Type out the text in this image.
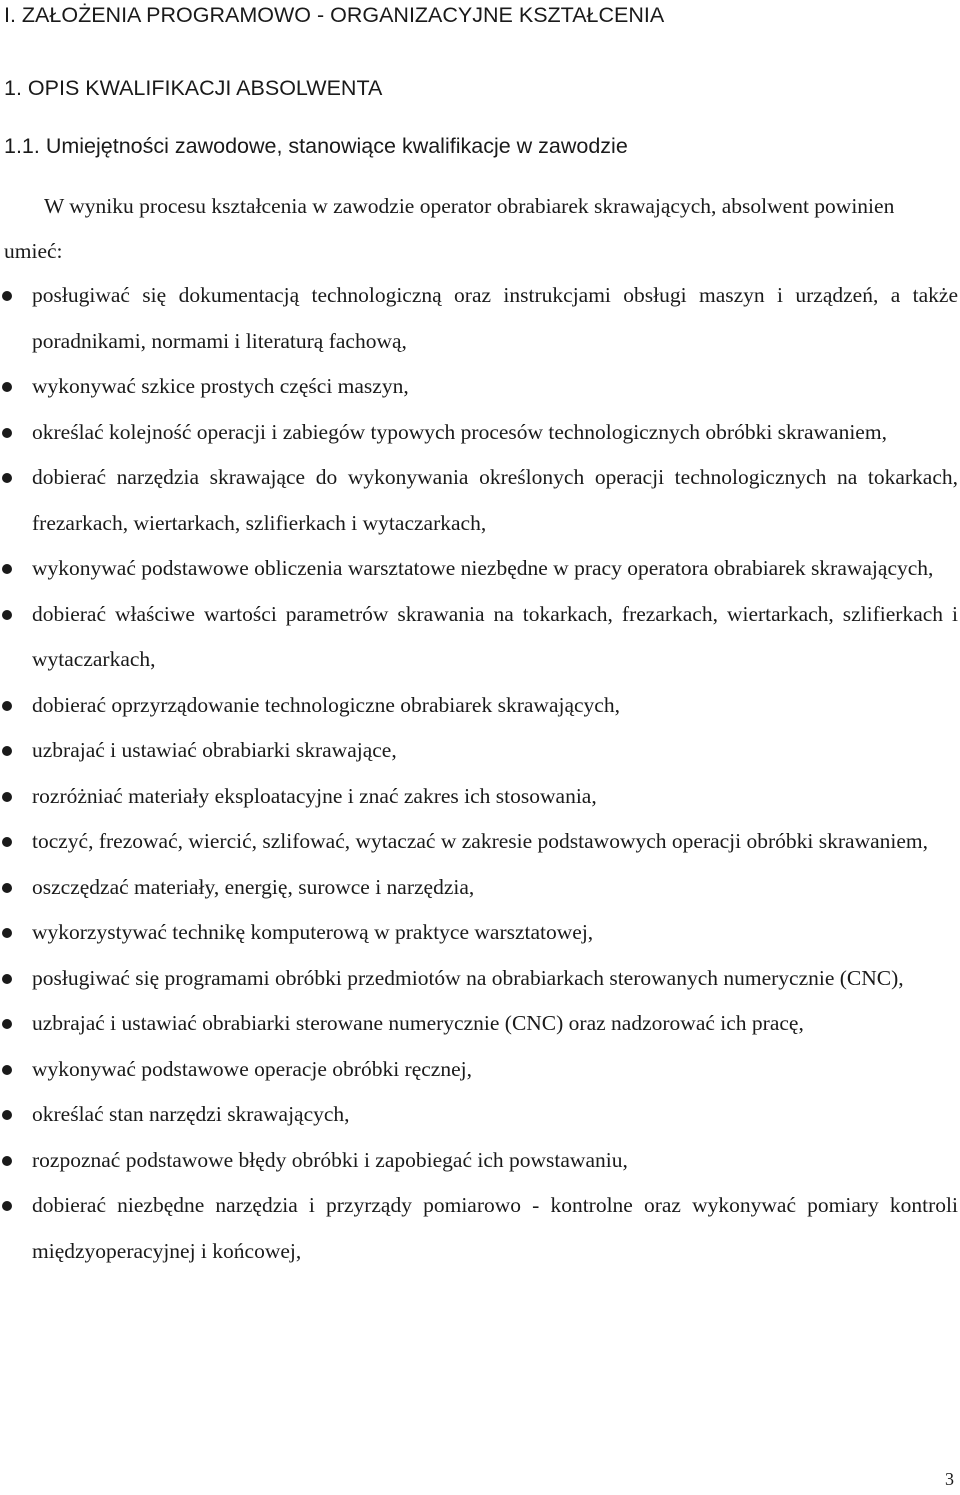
I. ZAŁOŻENIA PROGRAMOWO - ORGANIZACYJNE KSZTAŁCENIA
1. OPIS KWALIFIKACJI ABSOLWENTA
1.1. Umiejętności zawodowe, stanowiące kwalifikacje w zawodzie

W wyniku procesu kształcenia w zawodzie operator obrabiarek skrawających, absolwent powinien umieć:

posługiwać się dokumentacją technologiczną oraz instrukcjami obsługi maszyn i urządzeń, a także poradnikami, normami i literaturą fachową,
wykonywać szkice prostych części maszyn,
określać kolejność operacji i zabiegów typowych procesów technologicznych obróbki skrawaniem,
dobierać narzędzia skrawające do wykonywania określonych operacji technologicznych na tokarkach, frezarkach, wiertarkach, szlifierkach i wytaczarkach,
wykonywać podstawowe obliczenia warsztatowe niezbędne w pracy operatora obrabiarek skrawających,
dobierać właściwe wartości parametrów skrawania na tokarkach, frezarkach, wiertarkach, szlifierkach i wytaczarkach,
dobierać oprzyrządowanie technologiczne obrabiarek skrawających,
uzbrajać i ustawiać obrabiarki skrawające,
rozróżniać materiały eksploatacyjne i znać zakres ich stosowania,
toczyć, frezować, wiercić, szlifować, wytaczać w zakresie podstawowych operacji obróbki skrawaniem,
oszczędzać materiały, energię, surowce i narzędzia,
wykorzystywać technikę komputerową w praktyce warsztatowej,
posługiwać się programami obróbki przedmiotów na obrabiarkach sterowanych numerycznie (CNC),
uzbrajać i ustawiać obrabiarki sterowane numerycznie (CNC) oraz nadzorować ich pracę,
wykonywać podstawowe operacje obróbki ręcznej,
określać stan narzędzi skrawających,
rozpoznać podstawowe błędy obróbki i zapobiegać ich powstawaniu,
dobierać niezbędne narzędzia i przyrządy pomiarowo - kontrolne oraz wykonywać pomiary kontroli międzyoperacyjnej i końcowej,
3
